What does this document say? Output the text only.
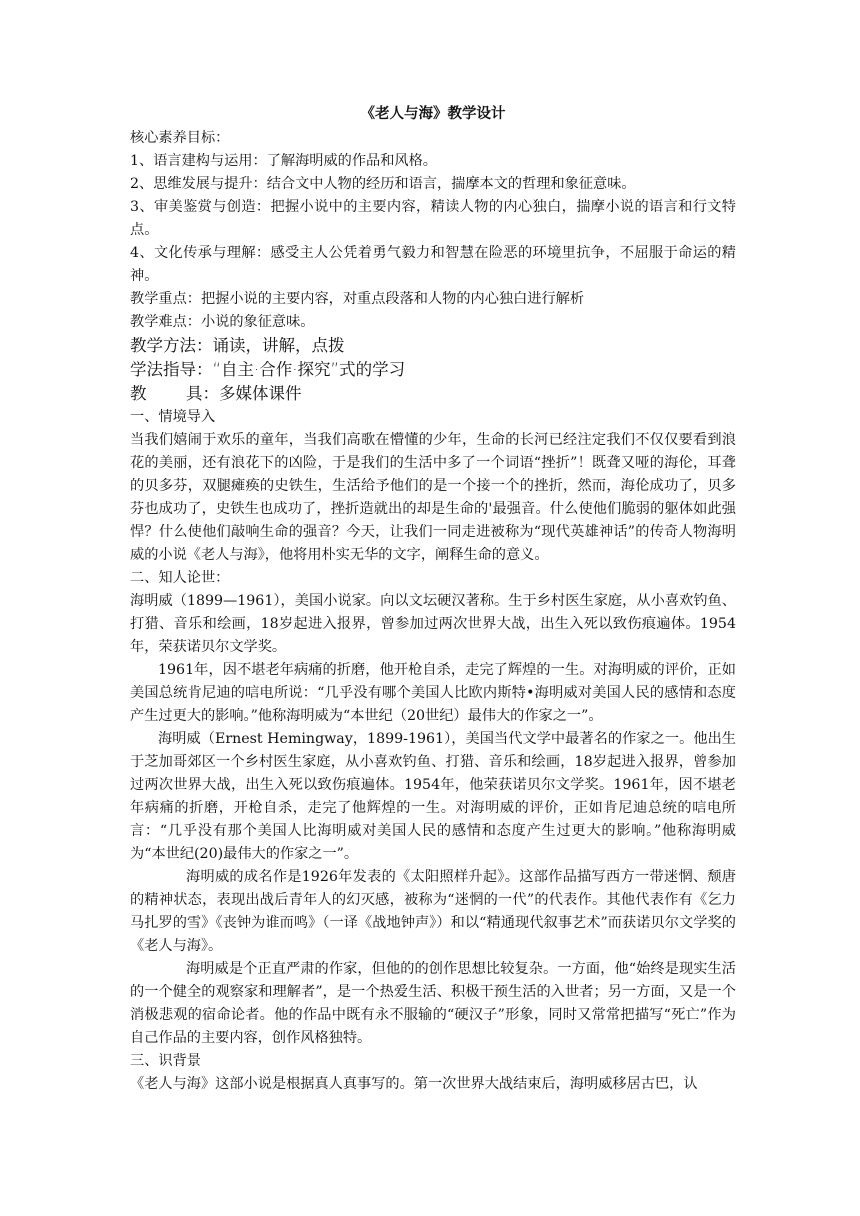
《老人与海》教学设计

核心素养目标：

1、语言建构与运用：了解海明威的作品和风格。

2、思维发展与提升：结合文中人物的经历和语言，揣摩本文的哲理和象征意味。

3、审美鉴赏与创造：把握小说中的主要内容，精读人物的内心独白，揣摩小说的语言和行文特点。

4、文化传承与理解：感受主人公凭着勇气毅力和智慧在险恶的环境里抗争，不屈服于命运的精神。

教学重点：把握小说的主要内容，对重点段落和人物的内心独白进行解析

教学难点：小说的象征意味。

教学方法：诵读，讲解，点拨

学法指导：“自主·合作·探究”式的学习

教 具：多媒体课件

一、情境导入

当我们嬉闹于欢乐的童年，当我们高歌在懵懂的少年，生命的长河已经注定我们不仅仅要看到浪花的美丽，还有浪花下的凶险，于是我们的生活中多了一个词语“挫折”！既聋又哑的海伦，耳聋的贝多芬，双腿瘫痪的史铁生，生活给予他们的是一个接一个的挫折，然而，海伦成功了，贝多芬也成功了，史铁生也成功了，挫折造就出的却是生命的'最强音。什么使他们脆弱的躯体如此强悍？什么使他们敲响生命的强音？今天，让我们一同走进被称为“现代英雄神话”的传奇人物海明威的小说《老人与海》，他将用朴实无华的文字，阐释生命的意义。

二、知人论世：

海明威（1899—1961），美国小说家。向以文坛硬汉著称。生于乡村医生家庭，从小喜欢钓鱼、打猎、音乐和绘画，18岁起进入报界，曾参加过两次世界大战，出生入死以致伤痕遍体。1954年，荣获诺贝尔文学奖。

1961年，因不堪老年病痛的折磨，他开枪自杀，走完了辉煌的一生。对海明威的评价，正如美国总统肯尼迪的唁电所说：“几乎没有哪个美国人比欧内斯特•海明威对美国人民的感情和态度产生过更大的影响。”他称海明威为“本世纪（20世纪）最伟大的作家之一”。

海明威（Ernest Hemingway，1899-1961），美国当代文学中最著名的作家之一。他出生于芝加哥郊区一个乡村医生家庭，从小喜欢钓鱼、打猎、音乐和绘画，18岁起进入报界，曾参加过两次世界大战，出生入死以致伤痕遍体。1954年，他荣获诺贝尔文学奖。1961年，因不堪老年病痛的折磨，开枪自杀，走完了他辉煌的一生。对海明威的评价，正如肯尼迪总统的唁电所言：“几乎没有那个美国人比海明威对美国人民的感情和态度产生过更大的影响。”他称海明威为“本世纪(20)最伟大的作家之一”。

海明威的成名作是1926年发表的《太阳照样升起》。这部作品描写西方一带迷惘、颓唐的精神状态，表现出战后青年人的幻灭感，被称为“迷惘的一代”的代表作。其他代表作有《乞力马扎罗的雪》《丧钟为谁而鸣》（一译《战地钟声》）和以“精通现代叙事艺术”而获诺贝尔文学奖的《老人与海》。

海明威是个正直严肃的作家，但他的的创作思想比较复杂。一方面，他“始终是现实生活的一个健全的观察家和理解者”，是一个热爱生活、积极干预生活的入世者；另一方面，又是一个消极悲观的宿命论者。他的作品中既有永不服输的“硬汉子”形象，同时又常常把描写“死亡”作为自己作品的主要内容，创作风格独特。

三、识背景

《老人与海》这部小说是根据真人真事写的。第一次世界大战结束后，海明威移居古巴，认
